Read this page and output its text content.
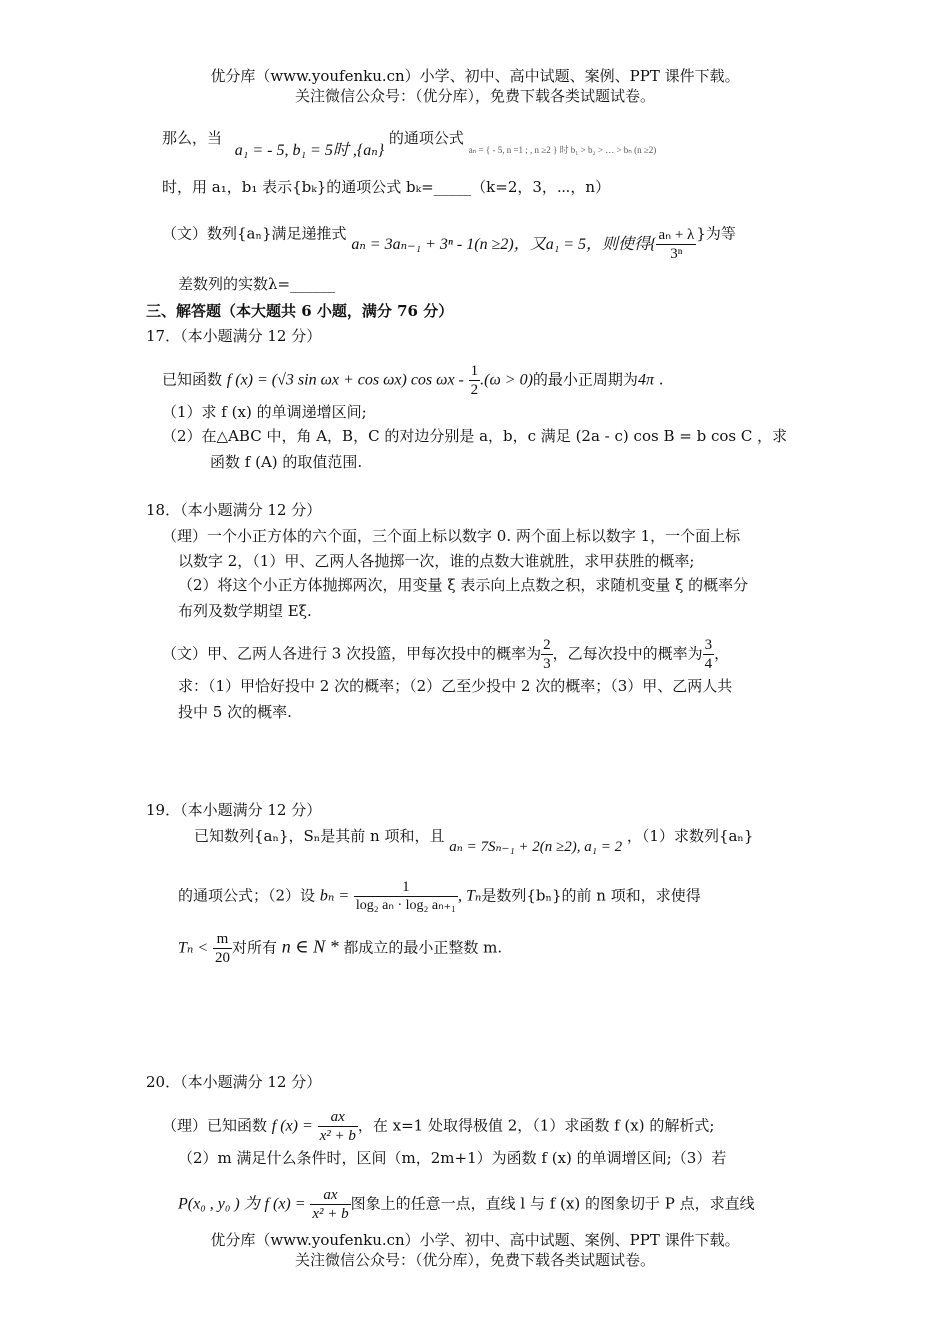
优分库（www.youfenku.cn）小学、初中、高中试题、案例、PPT 课件下载。
关注微信公众号：（优分库），免费下载各类试题试卷。
那么，当 a₁ = - 5, b₁ = 5时 ,{aₙ} 的通项公式 $_{a_n = \{ - 5, n =1 ; , n \ge 2 \} 时 b_1 > b_2 > \dots > b_n (n \ge 2)}$
时，用 a₁，b₁ 表示{bₖ}的通项公式 bₖ=_____（k=2，3，⋯，n）
（文）数列{aₙ}满足递推式 aₙ = 3aₙ₋₁ + 3ⁿ - 1(n ≥2)，又a₁ = 5，则使得{ $\frac{\text{aₙ + λ}}{\text{3ⁿ}}$ }为等
差数列的实数λ=______
三、解答题（本大题共 6 小题，满分 76 分）
17．（本小题满分 12 分）
已知函数 f (x) = (√3 sin ωx + cos ωx) $\cos \omega x - \frac{1}{2} .(\omega > 0)$的最小正周期为4π .
（1）求 f (x) 的单调递增区间;
（2）在△ABC 中，角 A，B，C 的对边分别是 a，b，c 满足 (2a - c) cos B = b cos C ，求
函数 f (A) 的取值范围.
18．（本小题满分 12 分）
（理）一个小正方体的六个面，三个面上标以数字 0. 两个面上标以数字 1，一个面上标
以数字 2，（1）甲、乙两人各抛掷一次，谁的点数大谁就胜，求甲获胜的概率;
（2）将这个小正方体抛掷两次，用变量 ξ 表示向上点数之积，求随机变量 ξ 的概率分
布列及数学期望 Eξ.
（文）甲、乙两人各进行 3 次投篮，甲每次投中的概率为 $\frac{2}{3}$ ，乙每次投中的概率为 $\frac{3}{4}$ ，
求：（1）甲恰好投中 2 次的概率；（2）乙至少投中 2 次的概率；（3）甲、乙两人共
投中 5 次的概率.
19．（本小题满分 12 分）
已知数列{aₙ}，Sₙ是其前 n 项和，且 aₙ = 7Sₙ₋₁ + 2(n ≥2), a₁ = 2 ，（1）求数列{aₙ}
的通项公式；（2）设 $b_n = \frac{1}{\text{log₂ aₙ · log₂ aₙ₊₁}}$ , Tₙ是数列{bₙ}的前 n 项和，求使得
$T_n < \frac{m}{20}$ 对所有 n ∈ N * 都成立的最小正整数 m.
20．（本小题满分 12 分）
（理）已知函数 f $(x) = \frac{ax}{\text{x² + b}}$ ，在 x=1 处取得极值 2，（1）求函数 f (x) 的解析式;
（2）m 满足什么条件时，区间（m，2m+1）为函数 f (x) 的单调增区间;（3）若
P(x₀ , y₀ ) 为 f $(x) = \frac{ax}{\text{x² + b}}$ 图象上的任意一点，直线 l 与 f (x) 的图象切于 P 点，求直线
优分库（www.youfenku.cn）小学、初中、高中试题、案例、PPT 课件下载。
关注微信公众号：（优分库），免费下载各类试题试卷。
